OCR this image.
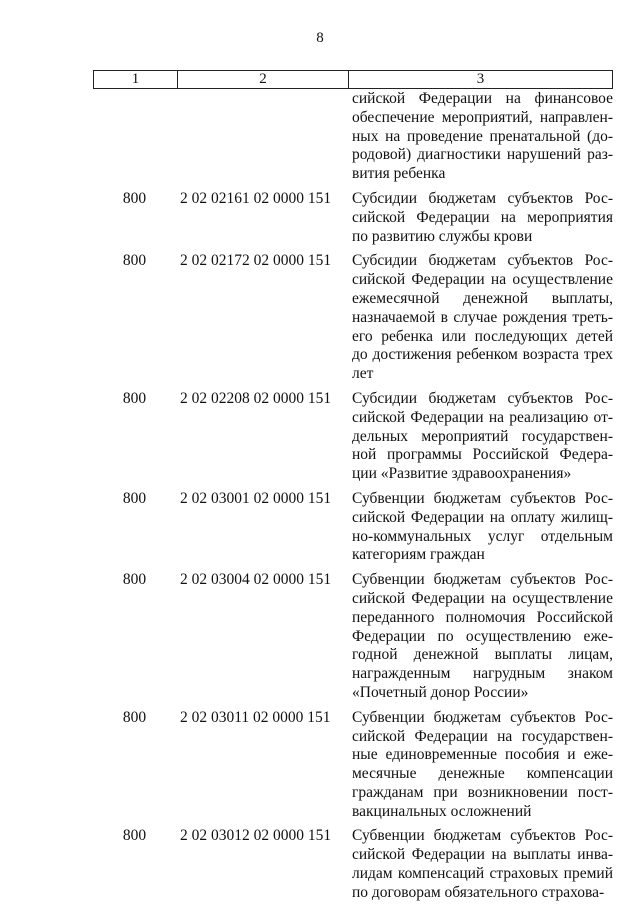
8
1	2	3
сийской Федерации на финансовое
обеспечение мероприятий, направлен-
ных на проведение пренатальной (до-
родовой) диагностики нарушений раз-
вития ребенка
800	2 02 02161 02 0000 151	Субсидии бюджетам субъектов Рос-
сийской Федерации на мероприятия
по развитию службы крови
800	2 02 02172 02 0000 151	Субсидии бюджетам субъектов Рос-
сийской Федерации на осуществление
ежемесячной денежной выплаты,
назначаемой в случае рождения треть-
его ребенка или последующих детей
до достижения ребенком возраста трех
лет
800	2 02 02208 02 0000 151	Субсидии бюджетам субъектов Рос-
сийской Федерации на реализацию от-
дельных мероприятий государствен-
ной программы Российской Федера-
ции «Развитие здравоохранения»
800	2 02 03001 02 0000 151	Субвенции бюджетам субъектов Рос-
сийской Федерации на оплату жилищ-
но-коммунальных услуг отдельным
категориям граждан
800	2 02 03004 02 0000 151	Субвенции бюджетам субъектов Рос-
сийской Федерации на осуществление
переданного полномочия Российской
Федерации по осуществлению еже-
годной денежной выплаты лицам,
награжденным нагрудным знаком
«Почетный донор России»
800	2 02 03011 02 0000 151	Субвенции бюджетам субъектов Рос-
сийской Федерации на государствен-
ные единовременные пособия и еже-
месячные денежные компенсации
гражданам при возникновении пост-
вакцинальных осложнений
800	2 02 03012 02 0000 151	Субвенции бюджетам субъектов Рос-
сийской Федерации на выплаты инва-
лидам компенсаций страховых премий
по договорам обязательного страхова-
